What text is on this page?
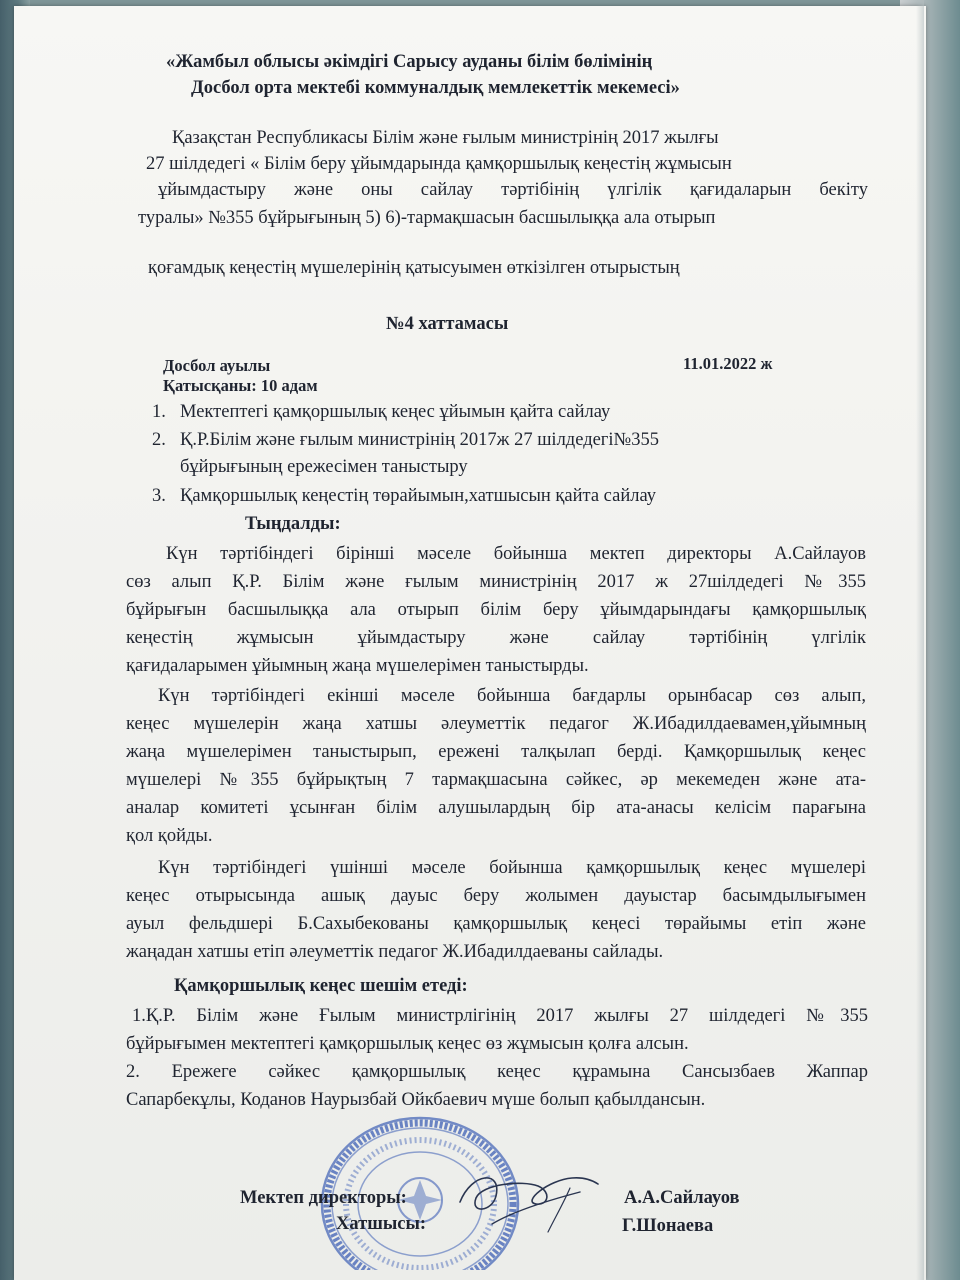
«Жамбыл облысы әкімдігі Сарысу ауданы білім бөлімінің
Досбол орта мектебі коммуналдық мемлекеттік мекемесі»
Қазақстан Республикасы Білім және ғылым министрінің 2017 жылғы
27 шілдедегі « Білім беру ұйымдарында қамқоршылық кеңестің жұмысын
ұйымдастыру және оны сайлау тәртібінің үлгілік қағидаларын бекіту
туралы» №355 бұйрығының 5) 6)-тармақшасын басшылыққа ала отырып
қоғамдық кеңестің мүшелерінің қатысуымен өткізілген отырыстың
№4 хаттамасы
Досбол ауылы	11.01.2022 ж
Қатысқаны: 10 адам
1. Мектептегі қамқоршылық кеңес ұйымын қайта сайлау
2. Қ.Р.Білім және ғылым министрінің 2017ж 27 шілдедегі№355
бұйрығының ережесімен таныстыру
3. Қамқоршылық кеңестің төрайымын,хатшысын қайта сайлау
Тыңдалды:
Күн тәртібіндегі бірінші мәселе бойынша мектеп директоры А.Сайлауов
сөз алып Қ.Р. Білім және ғылым министрінің 2017 ж 27шілдедегі №355
бұйрығын басшылыққа ала отырып білім беру ұйымдарындағы қамқоршылық
кеңестің жұмысын ұйымдастыру және сайлау тәртібінің үлгілік
қағидаларымен ұйымның жаңа мүшелерімен таныстырды.
Күн тәртібіндегі екінші мәселе бойынша бағдарлы орынбасар сөз алып,
кеңес мүшелерін жаңа хатшы әлеуметтік педагог Ж.Ибадилдаевамен,ұйымның
жаңа мүшелерімен таныстырып, ережені талқылап берді. Қамқоршылық кеңес
мүшелері №355 бұйрықтың 7 тармақшасына сәйкес, әр мекемеден және ата-
аналар комитеті ұсынған білім алушылардың бір ата-анасы келісім парағына
қол қойды.
Күн тәртібіндегі үшінші мәселе бойынша қамқоршылық кеңес мүшелері
кеңес отырысында ашық дауыс беру жолымен дауыстар басымдылығымен
ауыл фельдшері Б.Сахыбекованы қамқоршылық кеңесі төрайымы етіп және
жаңадан хатшы етіп әлеуметтік педагог Ж.Ибадилдаеваны сайлады.
Қамқоршылық кеңес шешім етеді:
1.Қ.Р. Білім және Ғылым министрлігінің 2017 жылғы 27 шілдедегі №355
бұйрығымен мектептегі қамқоршылық кеңес өз жұмысын қолға алсын.
2. Ережеге сәйкес қамқоршылық кеңес құрамына Сансызбаев Жаппар
Сапарбекұлы, Коданов Наурызбай Ойкбаевич мүше болып қабылдансын.
Мектеп директоры:	А.А.Сайлауов
Хатшысы:	Г.Шонаева
